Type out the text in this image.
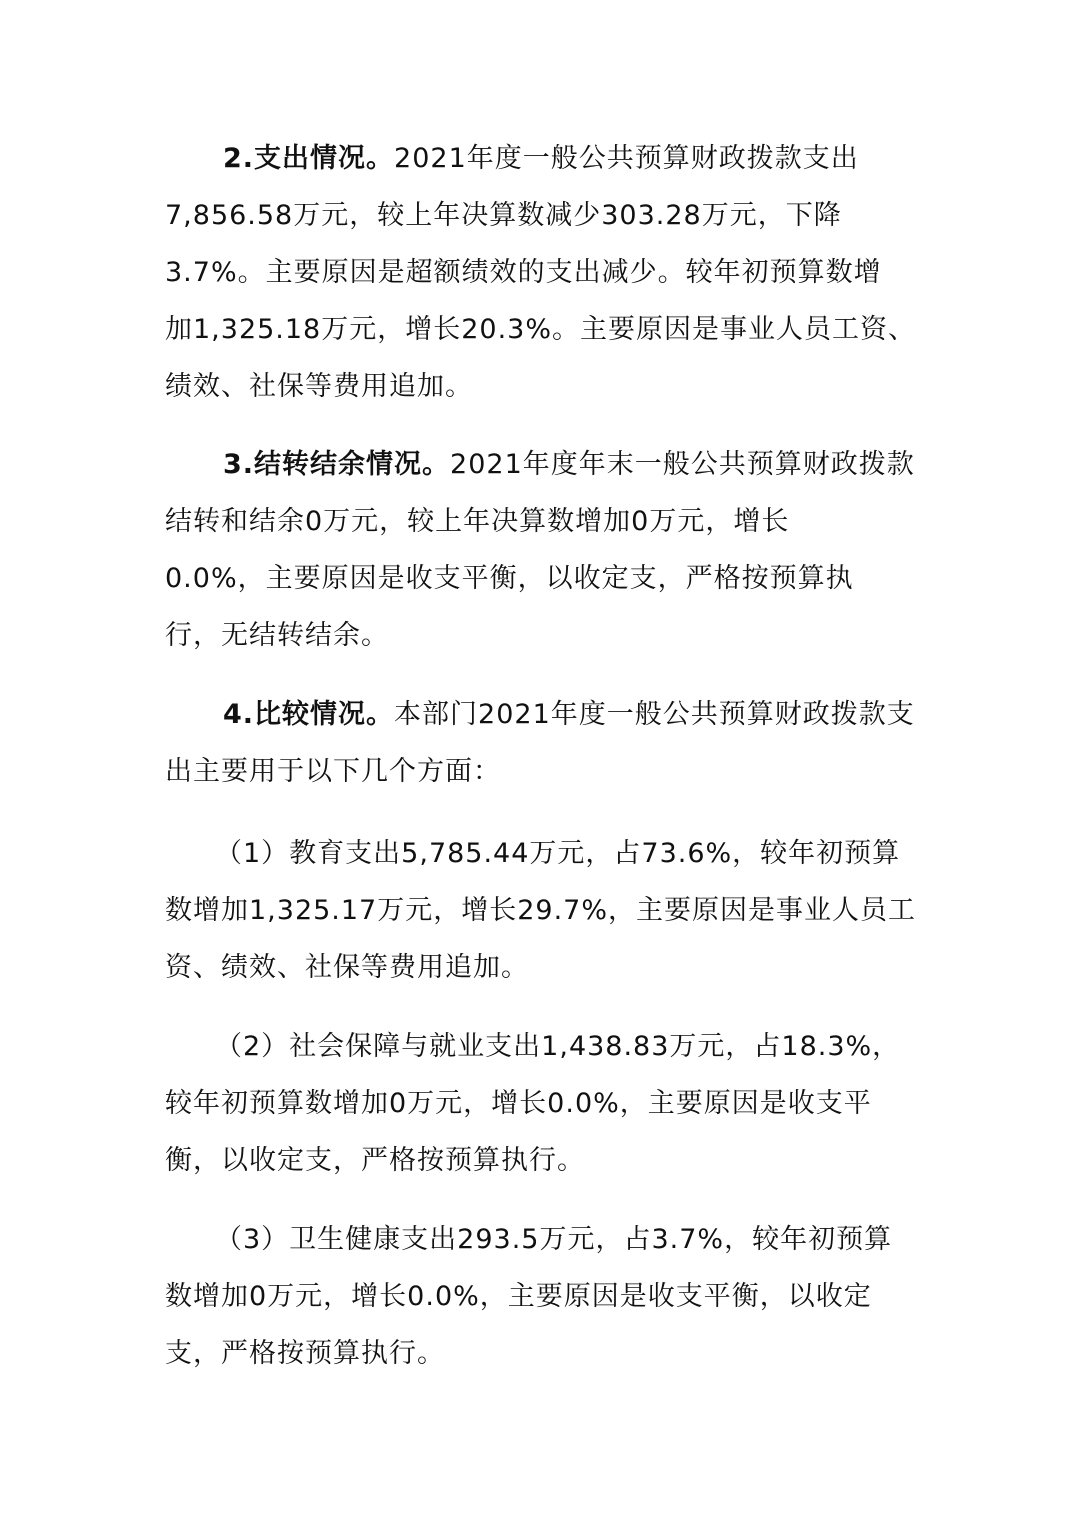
2.支出情况。2021年度一般公共预算财政拨款支出
7,856.58万元，较上年决算数减少303.28万元，下降
3.7%。主要原因是超额绩效的支出减少。较年初预算数增
加1,325.18万元，增长20.3%。主要原因是事业人员工资、
绩效、社保等费用追加。
3.结转结余情况。2021年度年末一般公共预算财政拨款
结转和结余0万元，较上年决算数增加0万元，增长
0.0%，主要原因是收支平衡，以收定支，严格按预算执
行，无结转结余。
4.比较情况。本部门2021年度一般公共预算财政拨款支
出主要用于以下几个方面：
（1）教育支出5,785.44万元，占73.6%，较年初预算
数增加1,325.17万元，增长29.7%，主要原因是事业人员工
资、绩效、社保等费用追加。
（2）社会保障与就业支出1,438.83万元，占18.3%，
较年初预算数增加0万元，增长0.0%，主要原因是收支平
衡，以收定支，严格按预算执行。
（3）卫生健康支出293.5万元，占3.7%，较年初预算
数增加0万元，增长0.0%，主要原因是收支平衡，以收定
支，严格按预算执行。
